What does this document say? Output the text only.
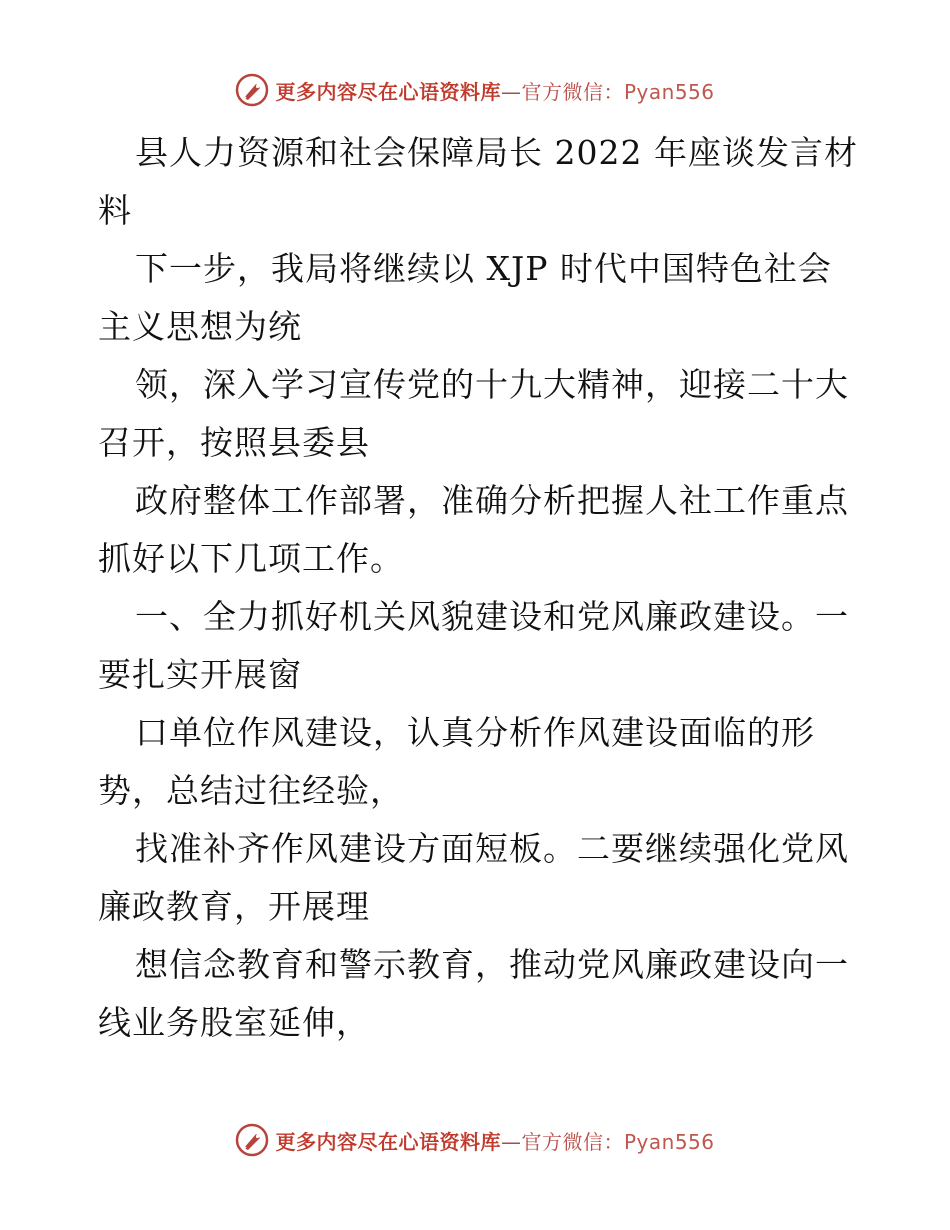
更多内容尽在心语资料库—官方微信：Pyan556

县人力资源和社会保障局长 2022 年座谈发言材料

下一步，我局将继续以 XJP 时代中国特色社会主义思想为统

领，深入学习宣传党的十九大精神，迎接二十大召开，按照县委县

政府整体工作部署，准确分析把握人社工作重点抓好以下几项工作。

一、全力抓好机关风貌建设和党风廉政建设。一要扎实开展窗

口单位作风建设，认真分析作风建设面临的形势，总结过往经验，

找准补齐作风建设方面短板。二要继续强化党风廉政教育，开展理

想信念教育和警示教育，推动党风廉政建设向一线业务股室延伸，

更多内容尽在心语资料库—官方微信：Pyan556
